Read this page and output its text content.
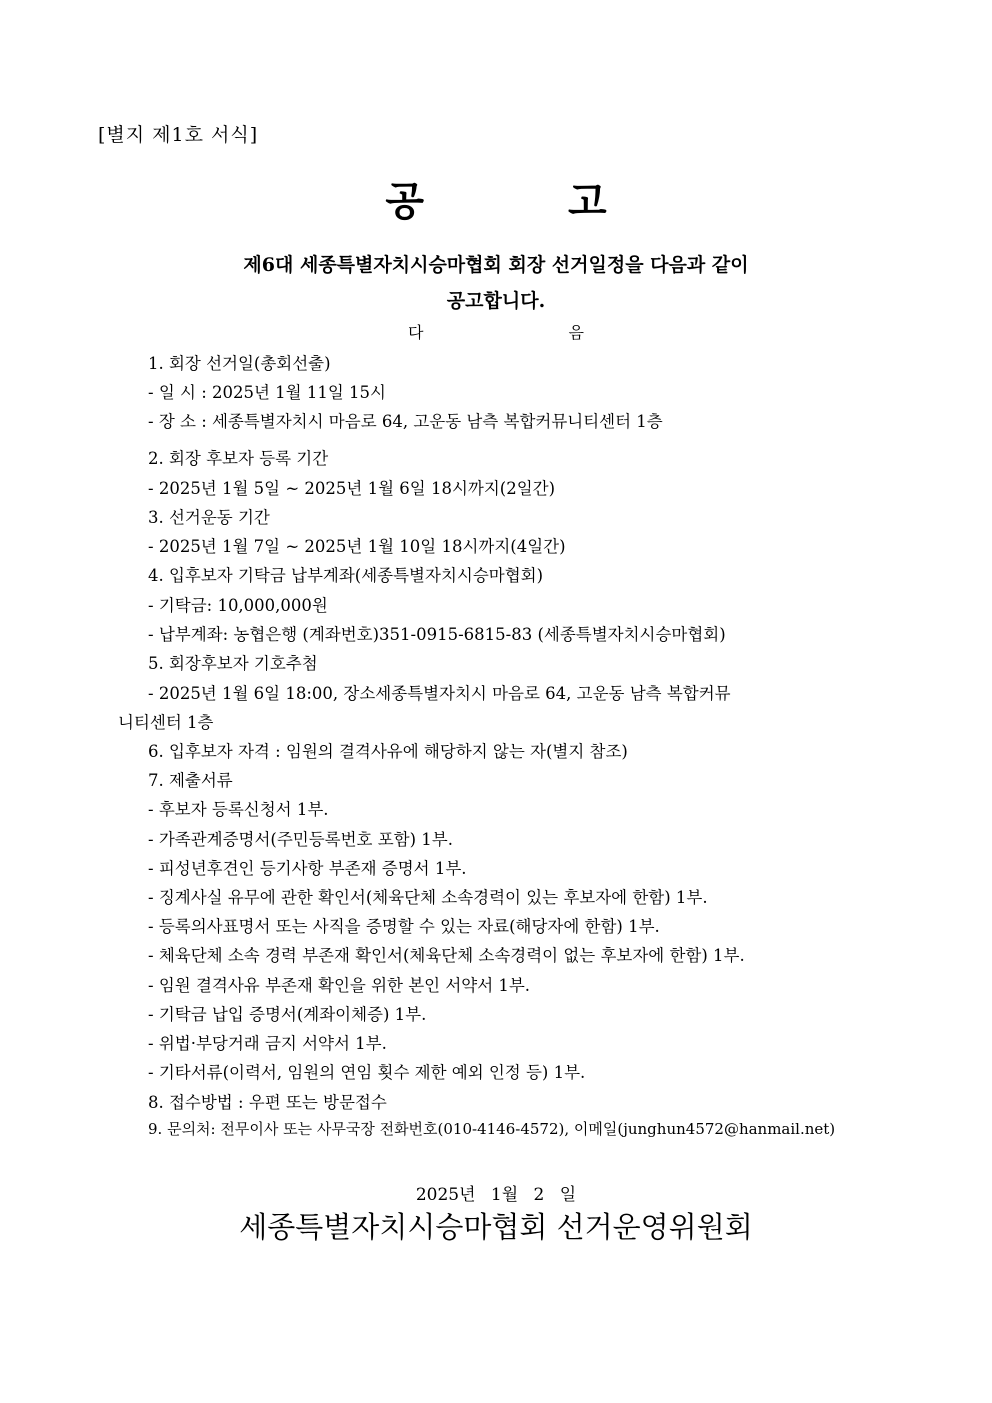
[별지 제1호 서식]
공 고
제6대 세종특별자치시승마협회 회장 선거일정을 다음과 같이
공고합니다.
다 음
1. 회장 선거일(총회선출)
- 일 시 : 2025년 1월 11일 15시
- 장 소 : 세종특별자치시 마음로 64, 고운동 남측 복합커뮤니티센터 1층
2. 회장 후보자 등록 기간
- 2025년 1월 5일 ~ 2025년 1월 6일 18시까지(2일간)
3. 선거운동 기간
- 2025년 1월 7일 ~ 2025년 1월 10일 18시까지(4일간)
4. 입후보자 기탁금 납부계좌(세종특별자치시승마협회)
- 기탁금: 10,000,000원
- 납부계좌: 농협은행 (계좌번호)351-0915-6815-83 (세종특별자치시승마협회)
5. 회장후보자 기호추첨
- 2025년 1월 6일 18:00, 장소세종특별자치시 마음로 64, 고운동 남측 복합커뮤
니티센터 1층
6. 입후보자 자격 : 임원의 결격사유에 해당하지 않는 자(별지 참조)
7. 제출서류
- 후보자 등록신청서 1부.
- 가족관계증명서(주민등록번호 포함) 1부.
- 피성년후견인 등기사항 부존재 증명서 1부.
- 징계사실 유무에 관한 확인서(체육단체 소속경력이 있는 후보자에 한함) 1부.
- 등록의사표명서 또는 사직을 증명할 수 있는 자료(해당자에 한함) 1부.
- 체육단체 소속 경력 부존재 확인서(체육단체 소속경력이 없는 후보자에 한함) 1부.
- 임원 결격사유 부존재 확인을 위한 본인 서약서 1부.
- 기탁금 납입 증명서(계좌이체증) 1부.
- 위법·부당거래 금지 서약서 1부.
- 기타서류(이력서, 임원의 연임 횟수 제한 예외 인정 등) 1부.
8. 접수방법 : 우편 또는 방문접수
9. 문의처: 전무이사 또는 사무국장 전화번호(010-4146-4572), 이메일(junghun4572@hanmail.net)
2025년 1월 2 일
세종특별자치시승마협회 선거운영위원회
